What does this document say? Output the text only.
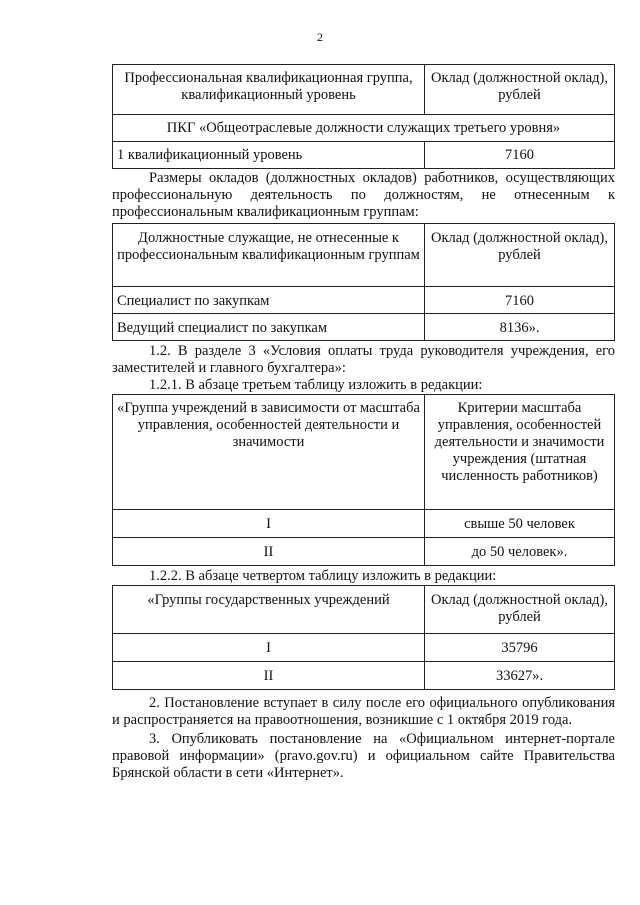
2
Профессиональная квалификационная группа, квалификационный уровень	Оклад (должностной оклад), рублей
ПКГ «Общеотраслевые должности служащих третьего уровня»	
1 квалификационный уровень	7160

Размеры окладов (должностных окладов) работников, осуществляющих профессиональную деятельность по должностям, не отнесенным к профессиональным квалификационным группам:

Должностные служащие, не отнесенные к профессиональным квалификационным группам	Оклад (должностной оклад), рублей
Специалист по закупкам	7160
Ведущий специалист по закупкам	8136».

1.2. В разделе 3 «Условия оплаты труда руководителя учреждения, его заместителей и главного бухгалтера»:

1.2.1. В абзаце третьем таблицу изложить в редакции:

«Группа учреждений в зависимости от масштаба управления, особенностей деятельности и значимости	Критерии масштаба управления, особенностей деятельности и значимости учреждения (штатная численность работников)
I	свыше 50 человек
II	до 50 человек».

1.2.2. В абзаце четвертом таблицу изложить в редакции:

«Группы государственных учреждений	Оклад (должностной оклад), рублей
I	35796
II	33627».

2. Постановление вступает в силу после его официального опубликования и распространяется на правоотношения, возникшие с 1 октября 2019 года.

3. Опубликовать постановление на «Официальном интернет-портале правовой информации» (pravo.gov.ru) и официальном сайте Правительства Брянской области в сети «Интернет».
